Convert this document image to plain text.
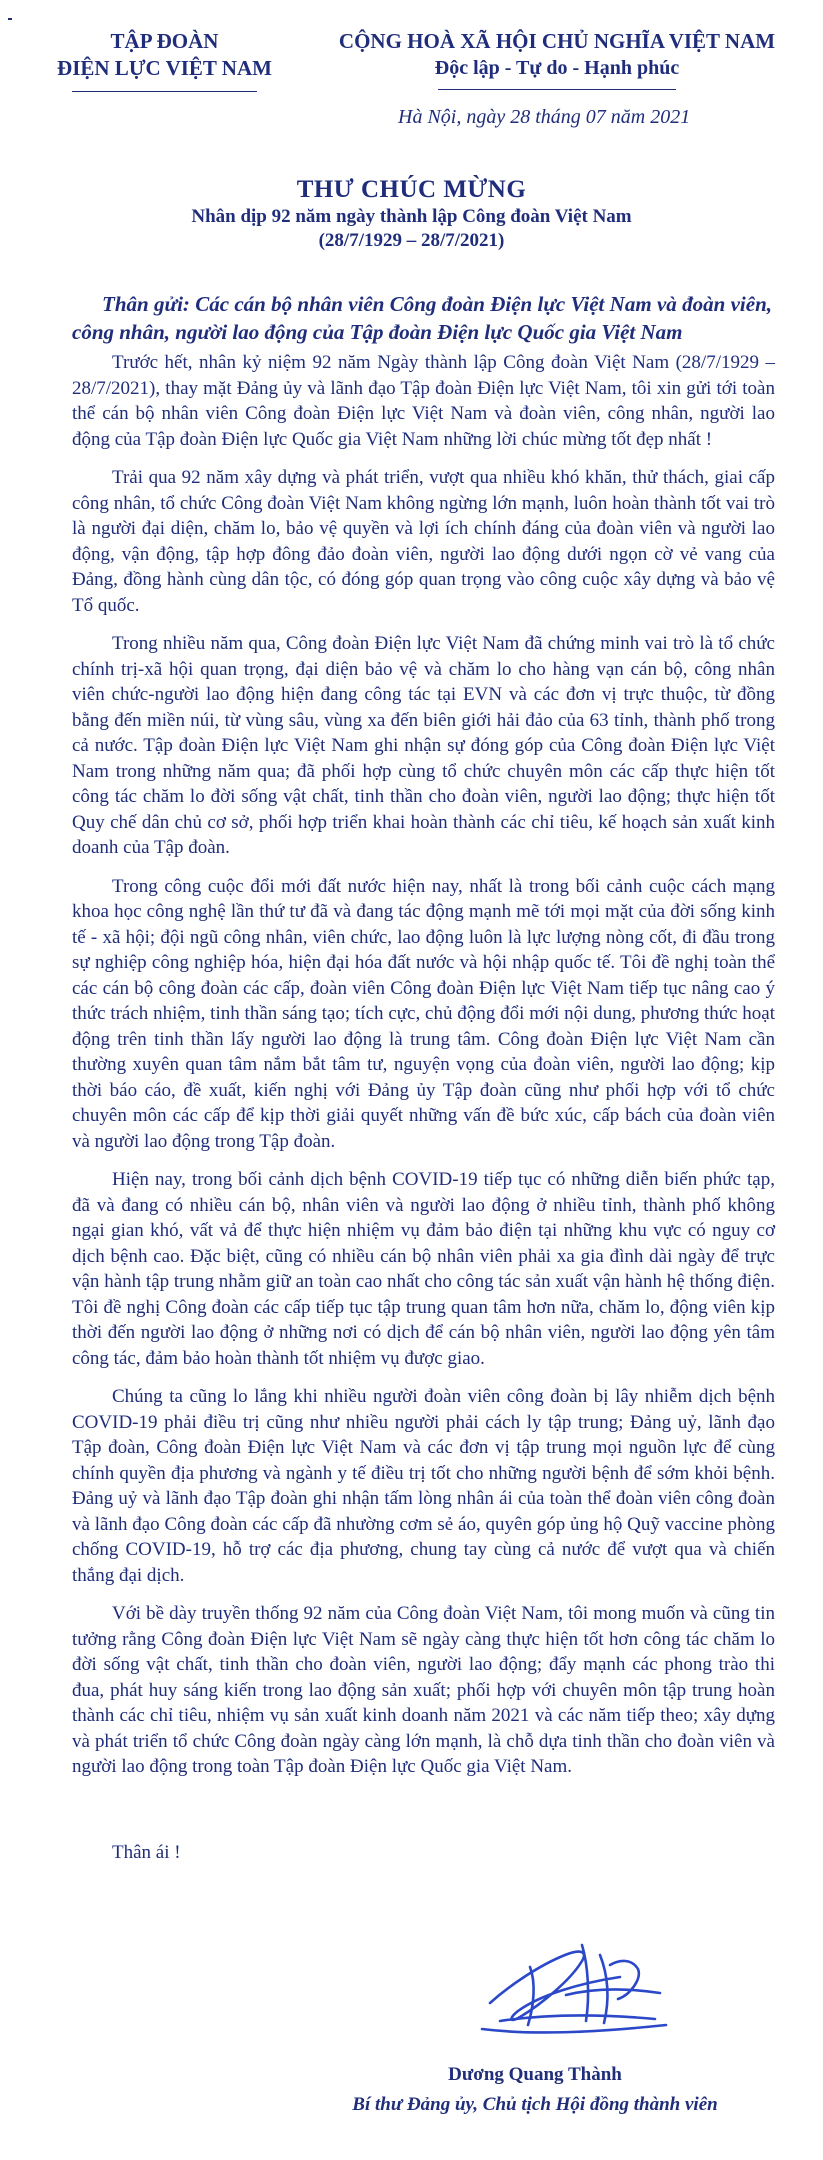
TẬP ĐOÀN
ĐIỆN LỰC VIỆT NAM
CỘNG HOÀ XÃ HỘI CHỦ NGHĨA VIỆT NAM
Độc lập - Tự do - Hạnh phúc
Hà Nội, ngày 28 tháng 07 năm 2021
THƯ CHÚC MỪNG
Nhân dịp 92 năm ngày thành lập Công đoàn Việt Nam
(28/7/1929 – 28/7/2021)
Thân gửi: Các cán bộ nhân viên Công đoàn Điện lực Việt Nam và đoàn viên, công nhân, người lao động của Tập đoàn Điện lực Quốc gia Việt Nam

Trước hết, nhân kỷ niệm 92 năm Ngày thành lập Công đoàn Việt Nam (28/7/1929 – 28/7/2021), thay mặt Đảng ủy và lãnh đạo Tập đoàn Điện lực Việt Nam, tôi xin gửi tới toàn thể cán bộ nhân viên Công đoàn Điện lực Việt Nam và đoàn viên, công nhân, người lao động của Tập đoàn Điện lực Quốc gia Việt Nam những lời chúc mừng tốt đẹp nhất !

Trải qua 92 năm xây dựng và phát triển, vượt qua nhiều khó khăn, thử thách, giai cấp công nhân, tổ chức Công đoàn Việt Nam không ngừng lớn mạnh, luôn hoàn thành tốt vai trò là người đại diện, chăm lo, bảo vệ quyền và lợi ích chính đáng của đoàn viên và người lao động, vận động, tập hợp đông đảo đoàn viên, người lao động dưới ngọn cờ vẻ vang của Đảng, đồng hành cùng dân tộc, có đóng góp quan trọng vào công cuộc xây dựng và bảo vệ Tổ quốc.

Trong nhiều năm qua, Công đoàn Điện lực Việt Nam đã chứng minh vai trò là tổ chức chính trị-xã hội quan trọng, đại diện bảo vệ và chăm lo cho hàng vạn cán bộ, công nhân viên chức-người lao động hiện đang công tác tại EVN và các đơn vị trực thuộc, từ đồng bằng đến miền núi, từ vùng sâu, vùng xa đến biên giới hải đảo của 63 tỉnh, thành phố trong cả nước. Tập đoàn Điện lực Việt Nam ghi nhận sự đóng góp của Công đoàn Điện lực Việt Nam trong những năm qua; đã phối hợp cùng tổ chức chuyên môn các cấp thực hiện tốt công tác chăm lo đời sống vật chất, tinh thần cho đoàn viên, người lao động; thực hiện tốt Quy chế dân chủ cơ sở, phối hợp triển khai hoàn thành các chỉ tiêu, kế hoạch sản xuất kinh doanh của Tập đoàn.

Trong công cuộc đổi mới đất nước hiện nay, nhất là trong bối cảnh cuộc cách mạng khoa học công nghệ lần thứ tư đã và đang tác động mạnh mẽ tới mọi mặt của đời sống kinh tế - xã hội; đội ngũ công nhân, viên chức, lao động luôn là lực lượng nòng cốt, đi đầu trong sự nghiệp công nghiệp hóa, hiện đại hóa đất nước và hội nhập quốc tế. Tôi đề nghị toàn thể các cán bộ công đoàn các cấp, đoàn viên Công đoàn Điện lực Việt Nam tiếp tục nâng cao ý thức trách nhiệm, tinh thần sáng tạo; tích cực, chủ động đổi mới nội dung, phương thức hoạt động trên tinh thần lấy người lao động là trung tâm. Công đoàn Điện lực Việt Nam cần thường xuyên quan tâm nắm bắt tâm tư, nguyện vọng của đoàn viên, người lao động; kịp thời báo cáo, đề xuất, kiến nghị với Đảng ủy Tập đoàn cũng như phối hợp với tổ chức chuyên môn các cấp để kịp thời giải quyết những vấn đề bức xúc, cấp bách của đoàn viên và người lao động trong Tập đoàn.

Hiện nay, trong bối cảnh dịch bệnh COVID-19 tiếp tục có những diễn biến phức tạp, đã và đang có nhiều cán bộ, nhân viên và người lao động ở nhiều tỉnh, thành phố không ngại gian khó, vất vả để thực hiện nhiệm vụ đảm bảo điện tại những khu vực có nguy cơ dịch bệnh cao. Đặc biệt, cũng có nhiều cán bộ nhân viên phải xa gia đình dài ngày để trực vận hành tập trung nhằm giữ an toàn cao nhất cho công tác sản xuất vận hành hệ thống điện. Tôi đề nghị Công đoàn các cấp tiếp tục tập trung quan tâm hơn nữa, chăm lo, động viên kịp thời đến người lao động ở những nơi có dịch để cán bộ nhân viên, người lao động yên tâm công tác, đảm bảo hoàn thành tốt nhiệm vụ được giao.

Chúng ta cũng lo lắng khi nhiều người đoàn viên công đoàn bị lây nhiễm dịch bệnh COVID-19 phải điều trị cũng như nhiều người phải cách ly tập trung; Đảng uỷ, lãnh đạo Tập đoàn, Công đoàn Điện lực Việt Nam và các đơn vị tập trung mọi nguồn lực để cùng chính quyền địa phương và ngành y tế điều trị tốt cho những người bệnh để sớm khỏi bệnh. Đảng uỷ và lãnh đạo Tập đoàn ghi nhận tấm lòng nhân ái của toàn thể đoàn viên công đoàn và lãnh đạo Công đoàn các cấp đã nhường cơm sẻ áo, quyên góp ủng hộ Quỹ vaccine phòng chống COVID-19, hỗ trợ các địa phương, chung tay cùng cả nước để vượt qua và chiến thắng đại dịch.

Với bề dày truyền thống 92 năm của Công đoàn Việt Nam, tôi mong muốn và cũng tin tưởng rằng Công đoàn Điện lực Việt Nam sẽ ngày càng thực hiện tốt hơn công tác chăm lo đời sống vật chất, tinh thần cho đoàn viên, người lao động; đẩy mạnh các phong trào thi đua, phát huy sáng kiến trong lao động sản xuất; phối hợp với chuyên môn tập trung hoàn thành các chỉ tiêu, nhiệm vụ sản xuất kinh doanh năm 2021 và các năm tiếp theo; xây dựng và phát triển tổ chức Công đoàn ngày càng lớn mạnh, là chỗ dựa tinh thần cho đoàn viên và người lao động trong toàn Tập đoàn Điện lực Quốc gia Việt Nam.

Thân ái !
Dương Quang Thành
Bí thư Đảng ủy, Chủ tịch Hội đồng thành viên
